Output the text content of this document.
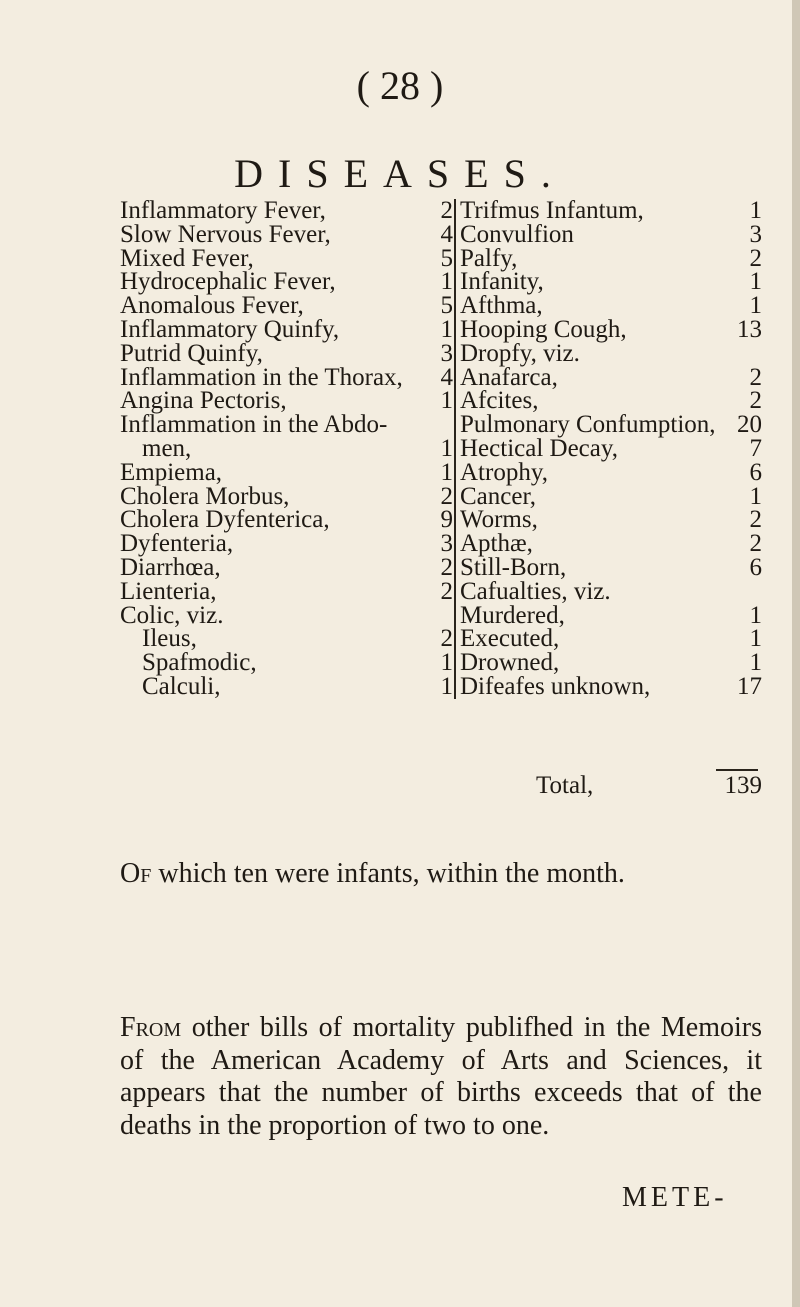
( 28 )
DISEASES.
Inflammatory Fever,	2
Slow Nervous Fever,	4
Mixed Fever,	5
Hydrocephalic Fever,	1
Anomalous Fever,	5
Inflammatory Quinfy,	1
Putrid Quinfy,	3
Inflammation in the Thorax, 4
Angina Pectoris,	1
Inflammation in the Abdo-
men,	1
Empiema,	1
Cholera Morbus,	2
Cholera Dyfenterica,	9
Dyfenteria,	3
Diarrhœa,	2
Lienteria,	2
Colic, viz.
Ileus,	2
Spafmodic,	1
Calculi,	1
Trifmus Infantum,	1
Convulfion	3
Palfy,	2
Infanity,	1
Afthma,	1
Hooping Cough,	13
Dropfy, viz.
Anafarca,	2
Afcites,	2
Pulmonary Confumption, 20
Hectical Decay,	7
Atrophy,	6
Cancer,	1
Worms,	2
Apthæ,	2
Still-Born,	6
Cafualties, viz.
Murdered,	1
Executed,	1
Drowned,	1
Difeafes unknown,	17
Total,	139
Of which ten were infants, within the month.
From other bills of mortality publifhed in the Memoirs of the American Academy of Arts and Sciences, it appears that the number of births exceeds that of the deaths in the proportion of two to one.
METE-
